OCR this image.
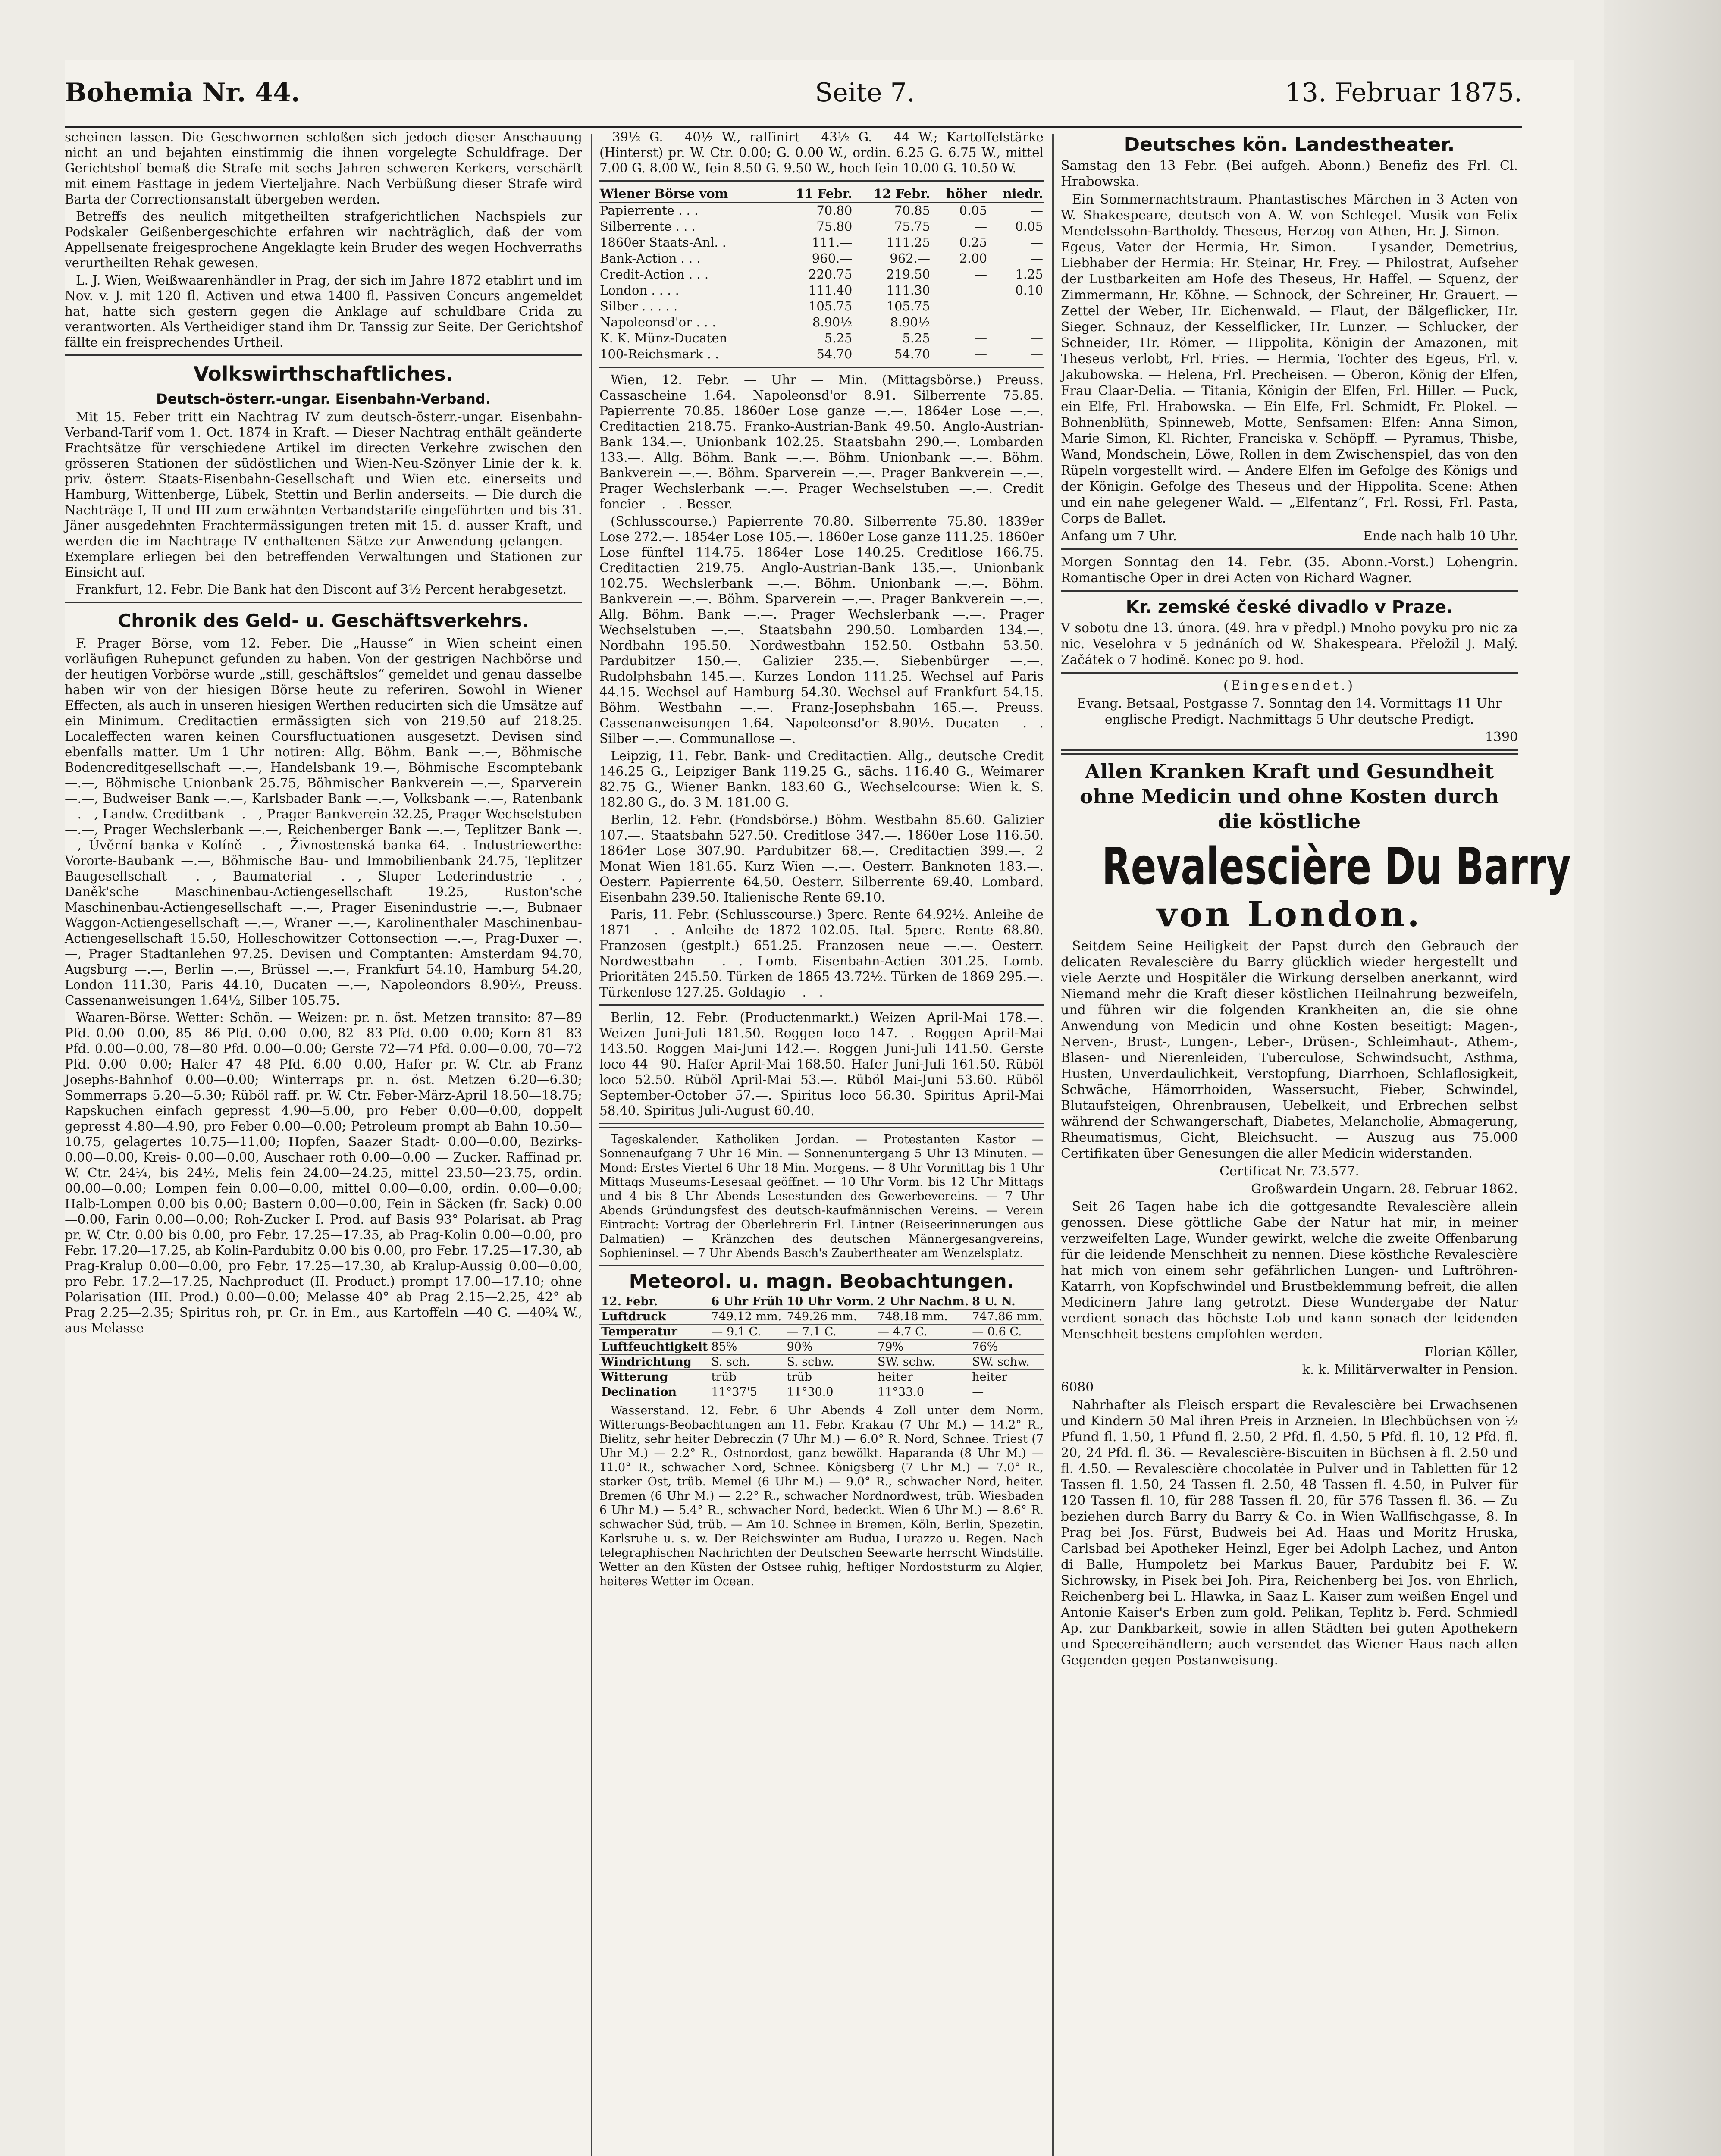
Bohemia Nr. 44.	Seite 7.	13. Februar 1875.

scheinen lassen. Die Geschwornen schloßen sich jedoch dieser Anschauung nicht an und bejahten einstimmig die ihnen vorgelegte Schuldfrage. Der Gerichtshof bemaß die Strafe mit sechs Jahren schweren Kerkers, verschärft mit einem Fasttage in jedem Vierteljahre. Nach Verbüßung dieser Strafe wird Barta der Correctionsanstalt übergeben werden.

Betreffs des neulich mitgetheilten strafgerichtlichen Nachspiels zur Podskaler Geißenbergeschichte erfahren wir nachträglich, daß der vom Appellsenate freigesprochene Angeklagte kein Bruder des wegen Hochverraths verurtheilten Rehak gewesen.

L. J. Wien, Weißwaarenhändler in Prag, der sich im Jahre 1872 etablirt und im Nov. v. J. mit 120 fl. Activen und etwa 1400 fl. Passiven Concurs angemeldet hat, hatte sich gestern gegen die Anklage auf schuldbare Crida zu verantworten. Als Vertheidiger stand ihm Dr. Tanssig zur Seite. Der Gerichtshof fällte ein freisprechendes Urtheil.

Volkswirthschaftliches.
Deutsch-österr.-ungar. Eisenbahn-Verband.

Mit 15. Feber tritt ein Nachtrag IV zum deutsch-österr.-ungar. Eisenbahn-Verband-Tarif vom 1. Oct. 1874 in Kraft. — Dieser Nachtrag enthält geänderte Frachtsätze für verschiedene Artikel im directen Verkehre zwischen den grösseren Stationen der südöstlichen und Wien-Neu-Szönyer Linie der k. k. priv. österr. Staats-Eisenbahn-Gesellschaft und Wien etc. einerseits und Hamburg, Wittenberge, Lübek, Stettin und Berlin anderseits. — Die durch die Nachträge I, II und III zum erwähnten Verbandstarife eingeführten und bis 31. Jäner ausgedehnten Frachtermässigungen treten mit 15. d. ausser Kraft, und werden die im Nachtrage IV enthaltenen Sätze zur Anwendung gelangen. — Exemplare erliegen bei den betreffenden Verwaltungen und Stationen zur Einsicht auf.

Frankfurt, 12. Febr. Die Bank hat den Discont auf 3½ Percent herabgesetzt.

Chronik des Geld- u. Geschäftsverkehrs.

F. Prager Börse, vom 12. Feber. Die „Hausse“ in Wien scheint einen vorläufigen Ruhepunct gefunden zu haben. Von der gestrigen Nachbörse und der heutigen Vorbörse wurde „still, geschäftslos“ gemeldet und genau dasselbe haben wir von der hiesigen Börse heute zu referiren. Sowohl in Wiener Effecten, als auch in unseren hiesigen Werthen reducirten sich die Umsätze auf ein Minimum. Creditactien ermässigten sich von 219.50 auf 218.25. Localeffecten waren keinen Coursfluctuationen ausgesetzt. Devisen sind ebenfalls matter. Um 1 Uhr notiren: Allg. Böhm. Bank —.—, Böhmische Bodencreditgesellschaft —.—, Handelsbank 19.—, Böhmische Escomptebank —.—, Böhmische Unionbank 25.75, Böhmischer Bankverein —.—, Sparverein —.—, Budweiser Bank —.—, Karlsbader Bank —.—, Volksbank —.—, Ratenbank —.—, Landw. Creditbank —.—, Prager Bankverein 32.25, Prager Wechselstuben —.—, Prager Wechslerbank —.—, Reichenberger Bank —.—, Teplitzer Bank —.—, Úvěrní banka v Kolíně —.—, Živnostenská banka 64.—. Industriewerthe: Vororte-Baubank —.—, Böhmische Bau- und Immobilienbank 24.75, Teplitzer Baugesellschaft —.—, Baumaterial —.—, Sluper Lederindustrie —.—, Daněk'sche Maschinenbau-Actiengesellschaft 19.25, Ruston'sche Maschinenbau-Actiengesellschaft —.—, Prager Eisenindustrie —.—, Bubnaer Waggon-Actiengesellschaft —.—, Wraner —.—, Karolinenthaler Maschinenbau-Actiengesellschaft 15.50, Holleschowitzer Cottonsection —.—, Prag-Duxer —.—, Prager Stadtanlehen 97.25. Devisen und Comptanten: Amsterdam 94.70, Augsburg —.—, Berlin —.—, Brüssel —.—, Frankfurt 54.10, Hamburg 54.20, London 111.30, Paris 44.10, Ducaten —.—, Napoleondors 8.90½, Preuss. Cassenanweisungen 1.64½, Silber 105.75.

Waaren-Börse. Wetter: Schön. — Weizen: pr. n. öst. Metzen transito: 87—89 Pfd. 0.00—0.00, 85—86 Pfd. 0.00—0.00, 82—83 Pfd. 0.00—0.00; Korn 81—83 Pfd. 0.00—0.00, 78—80 Pfd. 0.00—0.00; Gerste 72—74 Pfd. 0.00—0.00, 70—72 Pfd. 0.00—0.00; Hafer 47—48 Pfd. 6.00—0.00, Hafer pr. W. Ctr. ab Franz Josephs-Bahnhof 0.00—0.00; Winterraps pr. n. öst. Metzen 6.20—6.30; Sommerraps 5.20—5.30; Rüböl raff. pr. W. Ctr. Feber-März-April 18.50—18.75; Rapskuchen einfach gepresst 4.90—5.00, pro Feber 0.00—0.00, doppelt gepresst 4.80—4.90, pro Feber 0.00—0.00; Petroleum prompt ab Bahn 10.50—10.75, gelagertes 10.75—11.00; Hopfen, Saazer Stadt- 0.00—0.00, Bezirks- 0.00—0.00, Kreis- 0.00—0.00, Auschaer roth 0.00—0.00 — Zucker. Raffinad pr. W. Ctr. 24¼, bis 24½, Melis fein 24.00—24.25, mittel 23.50—23.75, ordin. 00.00—0.00; Lompen fein 0.00—0.00, mittel 0.00—0.00, ordin. 0.00—0.00; Halb-Lompen 0.00 bis 0.00; Bastern 0.00—0.00, Fein in Säcken (fr. Sack) 0.00—0.00, Farin 0.00—0.00; Roh-Zucker I. Prod. auf Basis 93° Polarisat. ab Prag pr. W. Ctr. 0.00 bis 0.00, pro Febr. 17.25—17.35, ab Prag-Kolin 0.00—0.00, pro Febr. 17.20—17.25, ab Kolin-Pardubitz 0.00 bis 0.00, pro Febr. 17.25—17.30, ab Prag-Kralup 0.00—0.00, pro Febr. 17.25—17.30, ab Kralup-Aussig 0.00—0.00, pro Febr. 17.2—17.25, Nachproduct (II. Product.) prompt 17.00—17.10; ohne Polarisation (III. Prod.) 0.00—0.00; Melasse 40° ab Prag 2.15—2.25, 42° ab Prag 2.25—2.35; Spiritus roh, pr. Gr. in Em., aus Kartoffeln —40 G. —40¾ W., aus Melasse

—39½ G. —40½ W., raffinirt —43½ G. —44 W.; Kartoffelstärke (Hinterst) pr. W. Ctr. 0.00; G. 0.00 W., ordin. 6.25 G. 6.75 W., mittel 7.00 G. 8.00 W., fein 8.50 G. 9.50 W., hoch fein 10.00 G. 10.50 W.

Wiener Börse vom	11 Febr.	12 Febr.	höher	niedr.
Papierrente . . .	70.80	70.85	0.05	—
Silberrente . . .	75.80	75.75	—	0.05
1860er Staats-Anl. .	111.—	111.25	0.25	—
Bank-Action . . .	960.—	962.—	2.00	—
Credit-Action . . .	220.75	219.50	—	1.25
London . . . .	111.40	111.30	—	0.10
Silber . . . . .	105.75	105.75	—	—
Napoleonsd'or . . .	8.90½	8.90½	—	—
K. K. Münz-Ducaten	5.25	5.25	—	—
100-Reichsmark . .	54.70	54.70	—	—

Wien, 12. Febr. — Uhr — Min. (Mittagsbörse.) Preuss. Cassascheine 1.64. Napoleonsd'or 8.91. Silberrente 75.85. Papierrente 70.85. 1860er Lose ganze —.—. 1864er Lose —.—. Creditactien 218.75. Franko-Austrian-Bank 49.50. Anglo-Austrian-Bank 134.—. Unionbank 102.25. Staatsbahn 290.—. Lombarden 133.—. Allg. Böhm. Bank —.—. Böhm. Unionbank —.—. Böhm. Bankverein —.—. Böhm. Sparverein —.—. Prager Bankverein —.—. Prager Wechslerbank —.—. Prager Wechselstuben —.—. Credit foncier —.—. Besser.

(Schlusscourse.) Papierrente 70.80. Silberrente 75.80. 1839er Lose 272.—. 1854er Lose 105.—. 1860er Lose ganze 111.25. 1860er Lose fünftel 114.75. 1864er Lose 140.25. Creditlose 166.75. Creditactien 219.75. Anglo-Austrian-Bank 135.—. Unionbank 102.75. Wechslerbank —.—. Böhm. Unionbank —.—. Böhm. Bankverein —.—. Böhm. Sparverein —.—. Prager Bankverein —.—. Allg. Böhm. Bank —.—. Prager Wechslerbank —.—. Prager Wechselstuben —.—. Staatsbahn 290.50. Lombarden 134.—. Nordbahn 195.50. Nordwestbahn 152.50. Ostbahn 53.50. Pardubitzer 150.—. Galizier 235.—. Siebenbürger —.—. Rudolphsbahn 145.—. Kurzes London 111.25. Wechsel auf Paris 44.15. Wechsel auf Hamburg 54.30. Wechsel auf Frankfurt 54.15. Böhm. Westbahn —.—. Franz-Josephsbahn 165.—. Preuss. Cassenanweisungen 1.64. Napoleonsd'or 8.90½. Ducaten —.—. Silber —.—. Communallose —.

Leipzig, 11. Febr. Bank- und Creditactien. Allg., deutsche Credit 146.25 G., Leipziger Bank 119.25 G., sächs. 116.40 G., Weimarer 82.75 G., Wiener Bankn. 183.60 G., Wechselcourse: Wien k. S. 182.80 G., do. 3 M. 181.00 G.

Berlin, 12. Febr. (Fondsbörse.) Böhm. Westbahn 85.60. Galizier 107.—. Staatsbahn 527.50. Creditlose 347.—. 1860er Lose 116.50. 1864er Lose 307.90. Pardubitzer 68.—. Creditactien 399.—. 2 Monat Wien 181.65. Kurz Wien —.—. Oesterr. Banknoten 183.—. Oesterr. Papierrente 64.50. Oesterr. Silberrente 69.40. Lombard. Eisenbahn 239.50. Italienische Rente 69.10.

Paris, 11. Febr. (Schlusscourse.) 3perc. Rente 64.92½. Anleihe de 1871 —.—. Anleihe de 1872 102.05. Ital. 5perc. Rente 68.80. Franzosen (gestplt.) 651.25. Franzosen neue —.—. Oesterr. Nordwestbahn —.—. Lomb. Eisenbahn-Actien 301.25. Lomb. Prioritäten 245.50. Türken de 1865 43.72½. Türken de 1869 295.—. Türkenlose 127.25. Goldagio —.—.

Berlin, 12. Febr. (Productenmarkt.) Weizen April-Mai 178.—. Weizen Juni-Juli 181.50. Roggen loco 147.—. Roggen April-Mai 143.50. Roggen Mai-Juni 142.—. Roggen Juni-Juli 141.50. Gerste loco 44—90. Hafer April-Mai 168.50. Hafer Juni-Juli 161.50. Rüböl loco 52.50. Rüböl April-Mai 53.—. Rüböl Mai-Juni 53.60. Rüböl September-October 57.—. Spiritus loco 56.30. Spiritus April-Mai 58.40. Spiritus Juli-August 60.40.

Tageskalender. Katholiken Jordan. — Protestanten Kastor — Sonnenaufgang 7 Uhr 16 Min. — Sonnenuntergang 5 Uhr 13 Minuten. — Mond: Erstes Viertel 6 Uhr 18 Min. Morgens. — 8 Uhr Vormittag bis 1 Uhr Mittags Museums-Lesesaal geöffnet. — 10 Uhr Vorm. bis 12 Uhr Mittags und 4 bis 8 Uhr Abends Lesestunden des Gewerbevereins. — 7 Uhr Abends Gründungsfest des deutsch-kaufmännischen Vereins. — Verein Eintracht: Vortrag der Oberlehrerin Frl. Lintner (Reiseerinnerungen aus Dalmatien) — Kränzchen des deutschen Männergesangvereins, Sophieninsel. — 7 Uhr Abends Basch's Zaubertheater am Wenzelsplatz.

Meteorol. u. magn. Beobachtungen.
12. Febr.	6 Uhr Früh	10 Uhr Vorm.	2 Uhr Nachm.	8 U. N.
Luftdruck	749.12 mm.	749.26 mm.	748.18 mm.	747.86 mm.
Temperatur	— 9.1 C.	— 7.1 C.	— 4.7 C.	— 0.6 C.
Luftfeuchtigkeit	85%	90%	79%	76%
Windrichtung	S. sch.	S. schw.	SW. schw.	SW. schw.
Witterung	trüb	trüb	heiter	heiter
Declination	11°37'5	11°30.0	11°33.0	—

Wasserstand. 12. Febr. 6 Uhr Abends 4 Zoll unter dem Norm. Witterungs-Beobachtungen am 11. Febr. Krakau (7 Uhr M.) — 14.2° R., Bielitz, sehr heiter Debreczin (7 Uhr M.) — 6.0° R. Nord, Schnee. Triest (7 Uhr M.) — 2.2° R., Ostnordost, ganz bewölkt. Haparanda (8 Uhr M.) — 11.0° R., schwacher Nord, Schnee. Königsberg (7 Uhr M.) — 7.0° R., starker Ost, trüb. Memel (6 Uhr M.) — 9.0° R., schwacher Nord, heiter. Bremen (6 Uhr M.) — 2.2° R., schwacher Nordnordwest, trüb. Wiesbaden 6 Uhr M.) — 5.4° R., schwacher Nord, bedeckt. Wien 6 Uhr M.) — 8.6° R. schwacher Süd, trüb. — Am 10. Schnee in Bremen, Köln, Berlin, Spezetin, Karlsruhe u. s. w. Der Reichswinter am Budua, Lurazzo u. Regen. Nach telegraphischen Nachrichten der Deutschen Seewarte herrscht Windstille. Wetter an den Küsten der Ostsee ruhig, heftiger Nordoststurm zu Algier, heiteres Wetter im Ocean.

Deutsches kön. Landestheater.

Samstag den 13 Febr. (Bei aufgeh. Abonn.) Benefiz des Frl. Cl. Hrabowska.

Ein Sommernachtstraum. Phantastisches Märchen in 3 Acten von W. Shakespeare, deutsch von A. W. von Schlegel. Musik von Felix Mendelssohn-Bartholdy. Theseus, Herzog von Athen, Hr. J. Simon. — Egeus, Vater der Hermia, Hr. Simon. — Lysander, Demetrius, Liebhaber der Hermia: Hr. Steinar, Hr. Frey. — Philostrat, Aufseher der Lustbarkeiten am Hofe des Theseus, Hr. Haffel. — Squenz, der Zimmermann, Hr. Köhne. — Schnock, der Schreiner, Hr. Grauert. — Zettel der Weber, Hr. Eichenwald. — Flaut, der Bälgeflicker, Hr. Sieger. Schnauz, der Kesselflicker, Hr. Lunzer. — Schlucker, der Schneider, Hr. Römer. — Hippolita, Königin der Amazonen, mit Theseus verlobt, Frl. Fries. — Hermia, Tochter des Egeus, Frl. v. Jakubowska. — Helena, Frl. Precheisen. — Oberon, König der Elfen, Frau Claar-Delia. — Titania, Königin der Elfen, Frl. Hiller. — Puck, ein Elfe, Frl. Hrabowska. — Ein Elfe, Frl. Schmidt, Fr. Plokel. — Bohnenblüth, Spinneweb, Motte, Senfsamen: Elfen: Anna Simon, Marie Simon, Kl. Richter, Franciska v. Schöpff. — Pyramus, Thisbe, Wand, Mondschein, Löwe, Rollen in dem Zwischenspiel, das von den Rüpeln vorgestellt wird. — Andere Elfen im Gefolge des Königs und der Königin. Gefolge des Theseus und der Hippolita. Scene: Athen und ein nahe gelegener Wald. — „Elfentanz“, Frl. Rossi, Frl. Pasta, Corps de Ballet.

Anfang um 7 Uhr.	Ende nach halb 10 Uhr.

Morgen Sonntag den 14. Febr. (35. Abonn.-Vorst.) Lohengrin. Romantische Oper in drei Acten von Richard Wagner.

Kr. zemské české divadlo v Praze.

V sobotu dne 13. února. (49. hra v předpl.) Mnoho povyku pro nic za nic. Veselohra v 5 jednáních od W. Shakespeara. Přeložil J. Malý. Začátek o 7 hodině. Konec po 9. hod.

(Eingesendet.)

Evang. Betsaal, Postgasse 7. Sonntag den 14. Vormittags 11 Uhr englische Predigt. Nachmittags 5 Uhr deutsche Predigt.

1390

Allen Kranken Kraft und Gesundheit ohne Medicin und ohne Kosten durch die köstliche
Revalescière Du Barry
von London.

Seitdem Seine Heiligkeit der Papst durch den Gebrauch der delicaten Revalescière du Barry glücklich wieder hergestellt und viele Aerzte und Hospitäler die Wirkung derselben anerkannt, wird Niemand mehr die Kraft dieser köstlichen Heilnahrung bezweifeln, und führen wir die folgenden Krankheiten an, die sie ohne Anwendung von Medicin und ohne Kosten beseitigt: Magen-, Nerven-, Brust-, Lungen-, Leber-, Drüsen-, Schleimhaut-, Athem-, Blasen- und Nierenleiden, Tuberculose, Schwindsucht, Asthma, Husten, Unverdaulichkeit, Verstopfung, Diarrhoen, Schlaflosigkeit, Schwäche, Hämorrhoiden, Wassersucht, Fieber, Schwindel, Blutaufsteigen, Ohrenbrausen, Uebelkeit, und Erbrechen selbst während der Schwangerschaft, Diabetes, Melancholie, Abmagerung, Rheumatismus, Gicht, Bleichsucht. — Auszug aus 75.000 Certifikaten über Genesungen die aller Medicin widerstanden.

Certificat Nr. 73.577.

Großwardein Ungarn. 28. Februar 1862.

Seit 26 Tagen habe ich die gottgesandte Revalescière allein genossen. Diese göttliche Gabe der Natur hat mir, in meiner verzweifelten Lage, Wunder gewirkt, welche die zweite Offenbarung für die leidende Menschheit zu nennen. Diese köstliche Revalescière hat mich von einem sehr gefährlichen Lungen- und Luftröhren-Katarrh, von Kopfschwindel und Brustbeklemmung befreit, die allen Medicinern Jahre lang getrotzt. Diese Wundergabe der Natur verdient sonach das höchste Lob und kann sonach der leidenden Menschheit bestens empfohlen werden.

Florian Köller,

k. k. Militärverwalter in Pension.

6080

Nahrhafter als Fleisch erspart die Revalescière bei Erwachsenen und Kindern 50 Mal ihren Preis in Arzneien. In Blechbüchsen von ½ Pfund fl. 1.50, 1 Pfund fl. 2.50, 2 Pfd. fl. 4.50, 5 Pfd. fl. 10, 12 Pfd. fl. 20, 24 Pfd. fl. 36. — Revalescière-Biscuiten in Büchsen à fl. 2.50 und fl. 4.50. — Revalescière chocolatée in Pulver und in Tabletten für 12 Tassen fl. 1.50, 24 Tassen fl. 2.50, 48 Tassen fl. 4.50, in Pulver für 120 Tassen fl. 10, für 288 Tassen fl. 20, für 576 Tassen fl. 36. — Zu beziehen durch Barry du Barry & Co. in Wien Wallfischgasse, 8. In Prag bei Jos. Fürst, Budweis bei Ad. Haas und Moritz Hruska, Carlsbad bei Apotheker Heinzl, Eger bei Adolph Lachez, und Anton di Balle, Humpoletz bei Markus Bauer, Pardubitz bei F. W. Sichrowsky, in Pisek bei Joh. Pira, Reichenberg bei Jos. von Ehrlich, Reichenberg bei L. Hlawka, in Saaz L. Kaiser zum weißen Engel und Antonie Kaiser's Erben zum gold. Pelikan, Teplitz b. Ferd. Schmiedl Ap. zur Dankbarkeit, sowie in allen Städten bei guten Apothekern und Specereihändlern; auch versendet das Wiener Haus nach allen Gegenden gegen Postanweisung.
